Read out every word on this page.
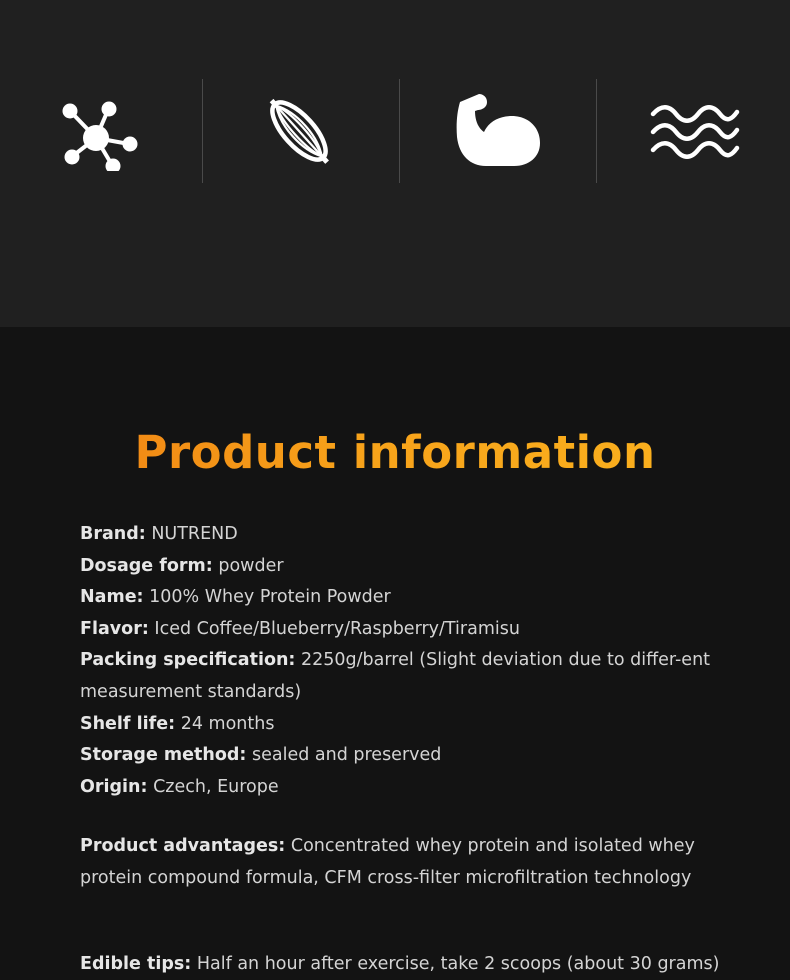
Product information

Brand: NUTREND

Dosage form: powder

Name: 100% Whey Protein Powder

Flavor: Iced Coffee/Blueberry/Raspberry/Tiramisu

Packing specification: 2250g/barrel (Slight deviation due to differ-ent measurement standards)

Shelf life: 24 months

Storage method: sealed and preserved

Origin: Czech, Europe

Product advantages: Concentrated whey protein and isolated whey protein compound formula, CFM cross-filter microfiltration technology

Edible tips: Half an hour after exercise, take 2 scoops (about 30 grams)
